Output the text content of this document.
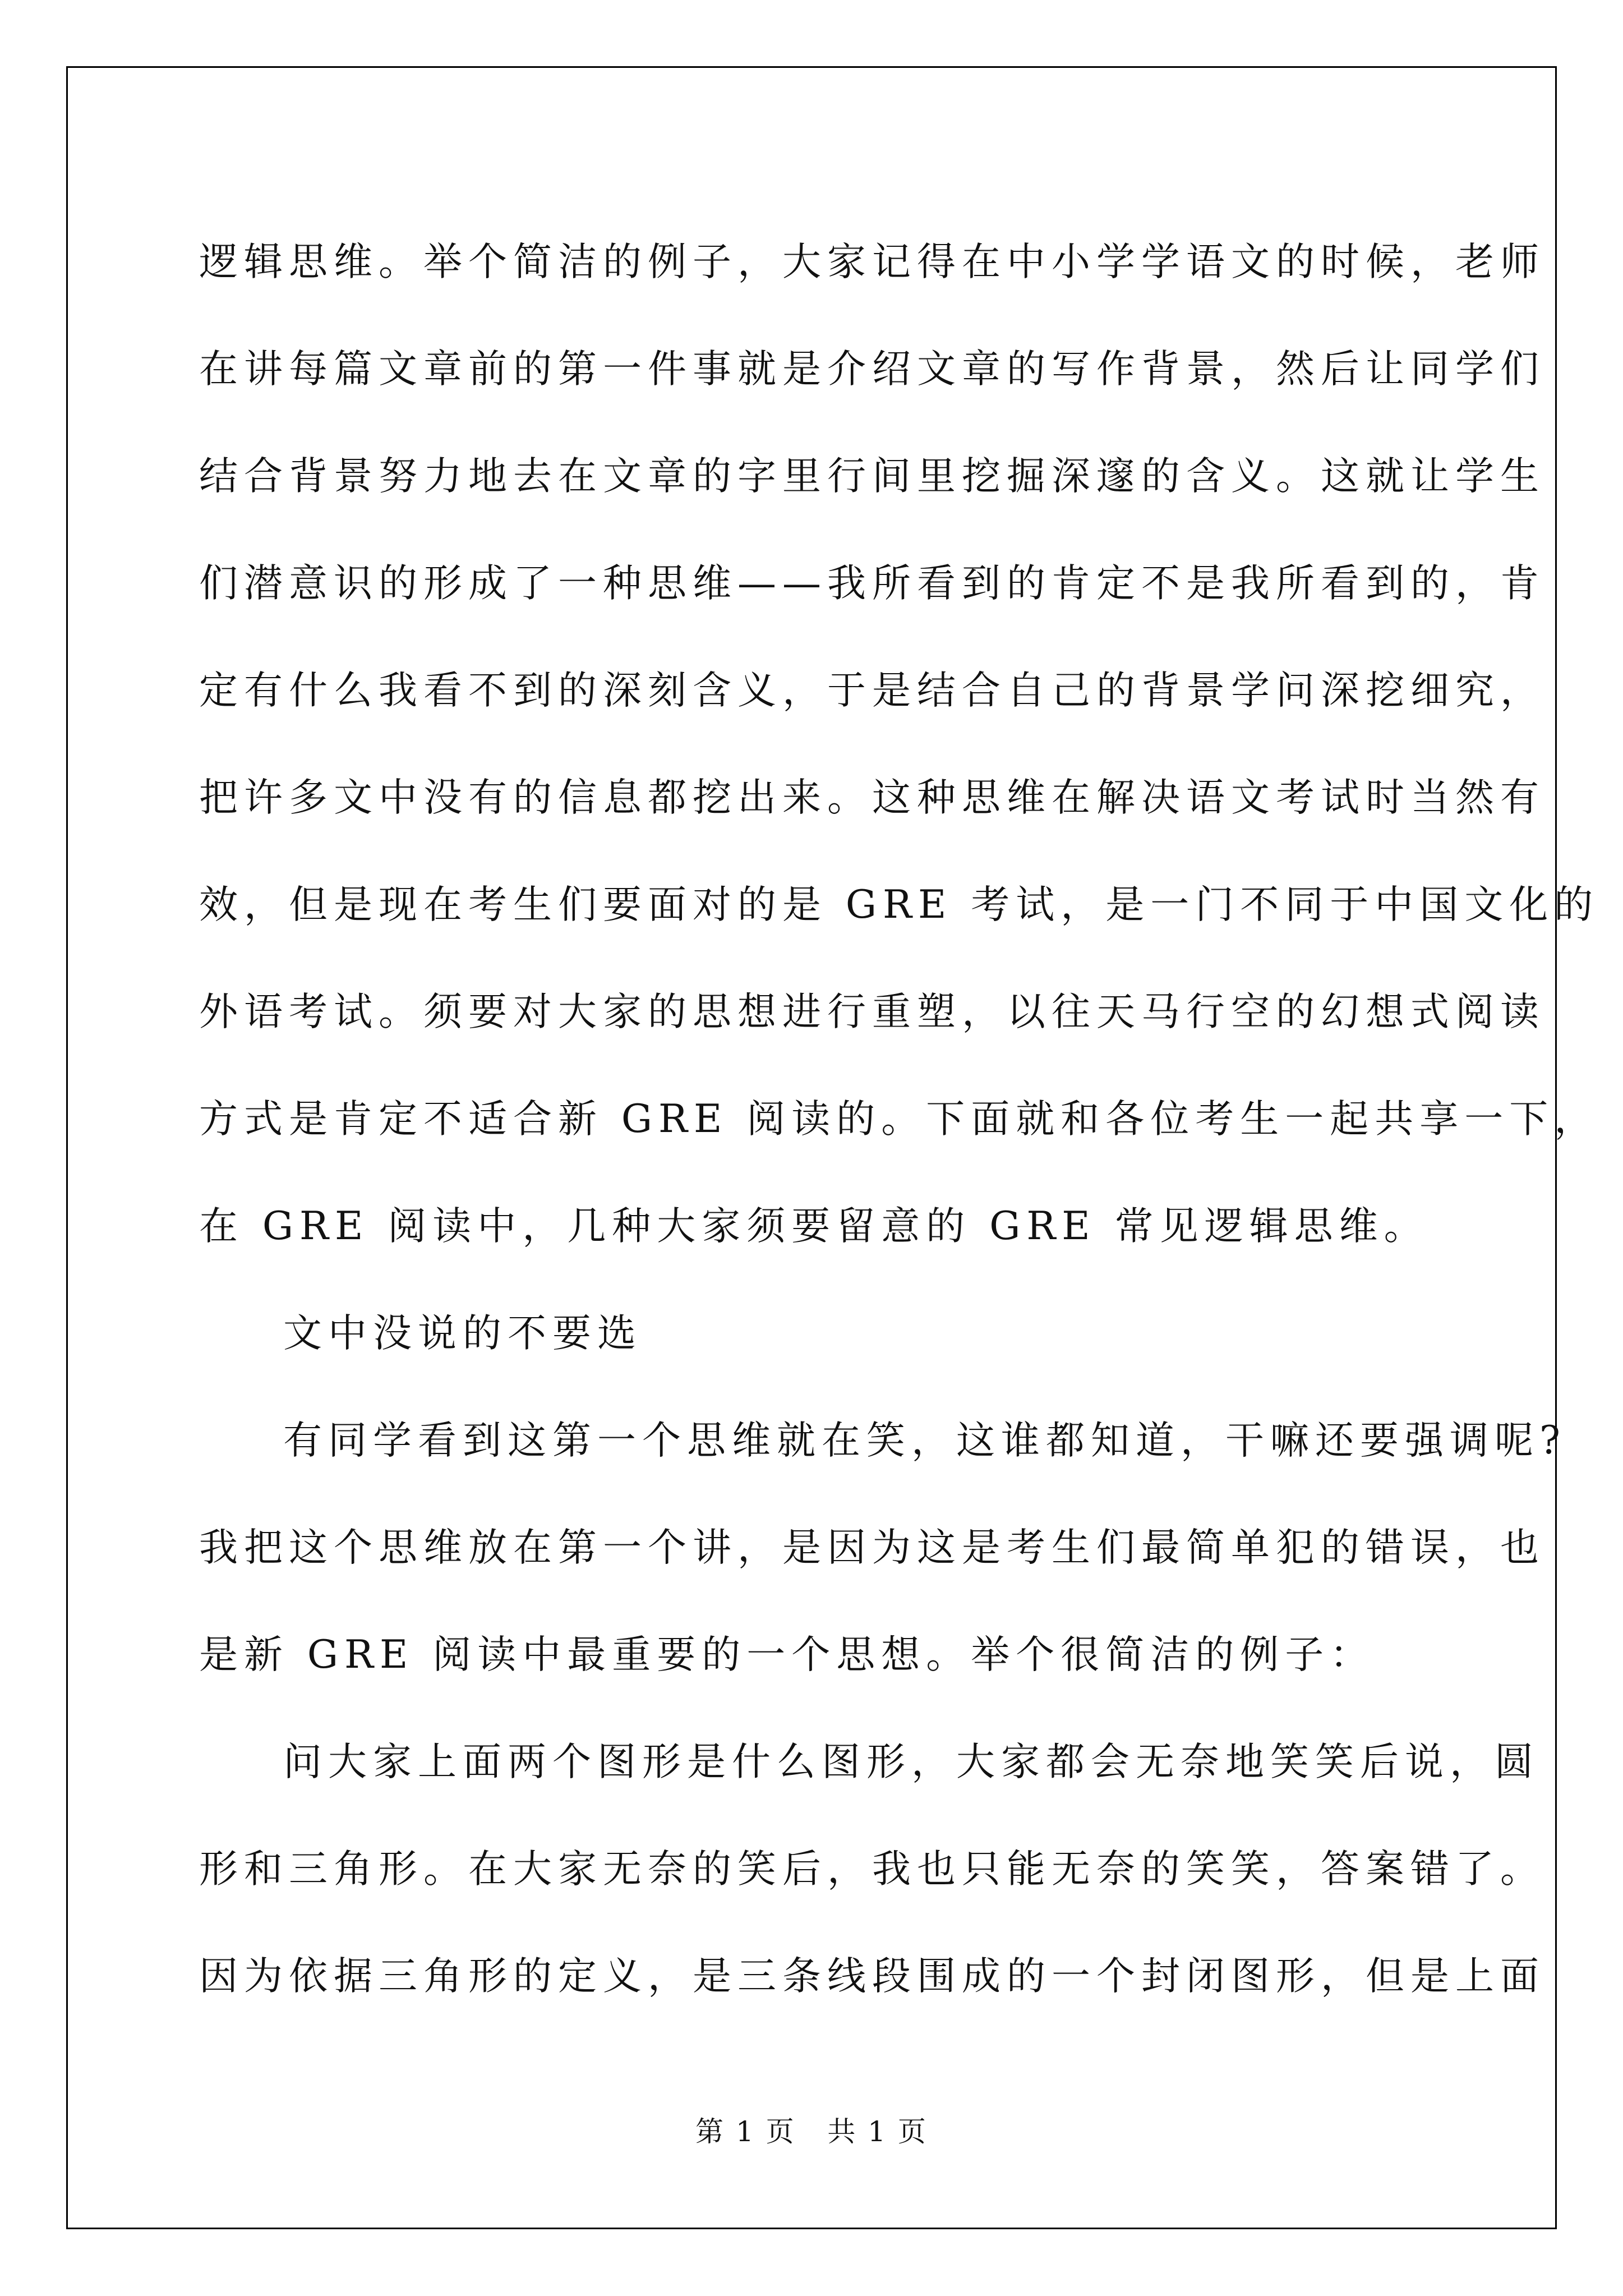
逻辑思维。举个简洁的例子，大家记得在中小学学语文的时候，老师
在讲每篇文章前的第一件事就是介绍文章的写作背景，然后让同学们
结合背景努力地去在文章的字里行间里挖掘深邃的含义。这就让学生
们潜意识的形成了一种思维——我所看到的肯定不是我所看到的，肯
定有什么我看不到的深刻含义，于是结合自己的背景学问深挖细究，
把许多文中没有的信息都挖出来。这种思维在解决语文考试时当然有
效，但是现在考生们要面对的是 GRE 考试，是一门不同于中国文化的
外语考试。须要对大家的思想进行重塑，以往天马行空的幻想式阅读
方式是肯定不适合新 GRE 阅读的。下面就和各位考生一起共享一下，
在 GRE 阅读中，几种大家须要留意的 GRE 常见逻辑思维。

文中没说的不要选

有同学看到这第一个思维就在笑，这谁都知道，干嘛还要强调呢?
我把这个思维放在第一个讲，是因为这是考生们最简单犯的错误，也
是新 GRE 阅读中最重要的一个思想。举个很简洁的例子：

问大家上面两个图形是什么图形，大家都会无奈地笑笑后说，圆
形和三角形。在大家无奈的笑后，我也只能无奈的笑笑，答案错了。
因为依据三角形的定义，是三条线段围成的一个封闭图形，但是上面

第 1 页   共 1 页
